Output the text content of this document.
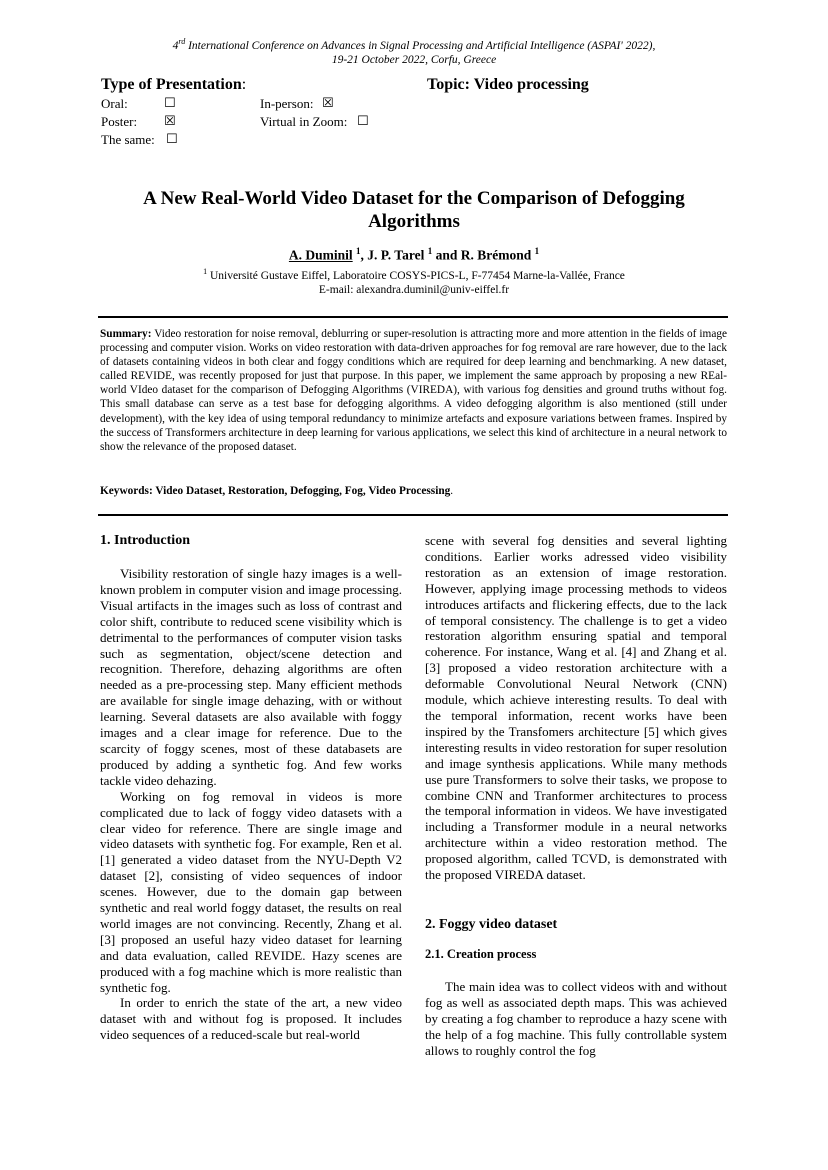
4rd International Conference on Advances in Signal Processing and Artificial Intelligence (ASPAI' 2022),
19-21 October 2022, Corfu, Greece
Type of Presentation:	Topic: Video processing
Oral:	☐
Poster: ☒
The same: ☐
In-person: ☒
Virtual in Zoom: ☐
A New Real-World Video Dataset for the Comparison of Defogging Algorithms
A. Duminil $^1$, J. P. Tarel $^1$ and R. Brémond $^1$
$^1$ Université Gustave Eiffel, Laboratoire COSYS-PICS-L, F-77454 Marne-la-Vallée, France
E-mail: alexandra.duminil@univ-eiffel.fr
Summary: Video restoration for noise removal, deblurring or super-resolution is attracting more and more attention in the fields of image processing and computer vision. Works on video restoration with data-driven approaches for fog removal are rare however, due to the lack of datasets containing videos in both clear and foggy conditions which are required for deep learning and benchmarking. A new dataset, called REVIDE, was recently proposed for just that purpose. In this paper, we implement the same approach by proposing a new REal-world VIdeo dataset for the comparison of Defogging Algorithms (VIREDA), with various fog densities and ground truths without fog. This small database can serve as a test base for defogging algorithms. A video defogging algorithm is also mentioned (still under development), with the key idea of using temporal redundancy to minimize artefacts and exposure variations between frames. Inspired by the success of Transformers architecture in deep learning for various applications, we select this kind of architecture in a neural network to show the relevance of the proposed dataset.
Keywords: Video Dataset, Restoration, Defogging, Fog, Video Processing.
1. Introduction

Visibility restoration of single hazy images is a well-known problem in computer vision and image processing. Visual artifacts in the images such as loss of contrast and color shift, contribute to reduced scene visibility which is detrimental to the performances of computer vision tasks such as segmentation, object/scene detection and recognition. Therefore, dehazing algorithms are often needed as a pre-processing step. Many efficient methods are available for single image dehazing, with or without learning. Several datasets are also available with foggy images and a clear image for reference. Due to the scarcity of foggy scenes, most of these databasets are produced by adding a synthetic fog. And few works tackle video dehazing.

Working on fog removal in videos is more complicated due to lack of foggy video datasets with a clear video for reference. There are single image and video datasets with synthetic fog. For example, Ren et al. [1] generated a video dataset from the NYU-Depth V2 dataset [2], consisting of video sequences of indoor scenes. However, due to the domain gap between synthetic and real world foggy dataset, the results on real world images are not convincing. Recently, Zhang et al. [3] proposed an useful hazy video dataset for learning and data evaluation, called REVIDE. Hazy scenes are produced with a fog machine which is more realistic than synthetic fog.

In order to enrich the state of the art, a new video dataset with and without fog is proposed. It includes video sequences of a reduced-scale but real-world

scene with several fog densities and several lighting conditions. Earlier works adressed video visibility restoration as an extension of image restoration. However, applying image processing methods to videos introduces artifacts and flickering effects, due to the lack of temporal consistency. The challenge is to get a video restoration algorithm ensuring spatial and temporal coherence. For instance, Wang et al. [4] and Zhang et al. [3] proposed a video restoration architecture with a deformable Convolutional Neural Network (CNN) module, which achieve interesting results. To deal with the temporal information, recent works have been inspired by the Transfomers architecture [5] which gives interesting results in video restoration for super resolution and image synthesis applications. While many methods use pure Transformers to solve their tasks, we propose to combine CNN and Tranformer architectures to process the temporal information in videos. We have investigated including a Transformer module in a neural networks architecture within a video restoration method. The proposed algorithm, called TCVD, is demonstrated with the proposed VIREDA dataset.

2. Foggy video dataset
2.1. Creation process

The main idea was to collect videos with and without fog as well as associated depth maps. This was achieved by creating a fog chamber to reproduce a hazy scene with the help of a fog machine. This fully controllable system allows to roughly control the fog
